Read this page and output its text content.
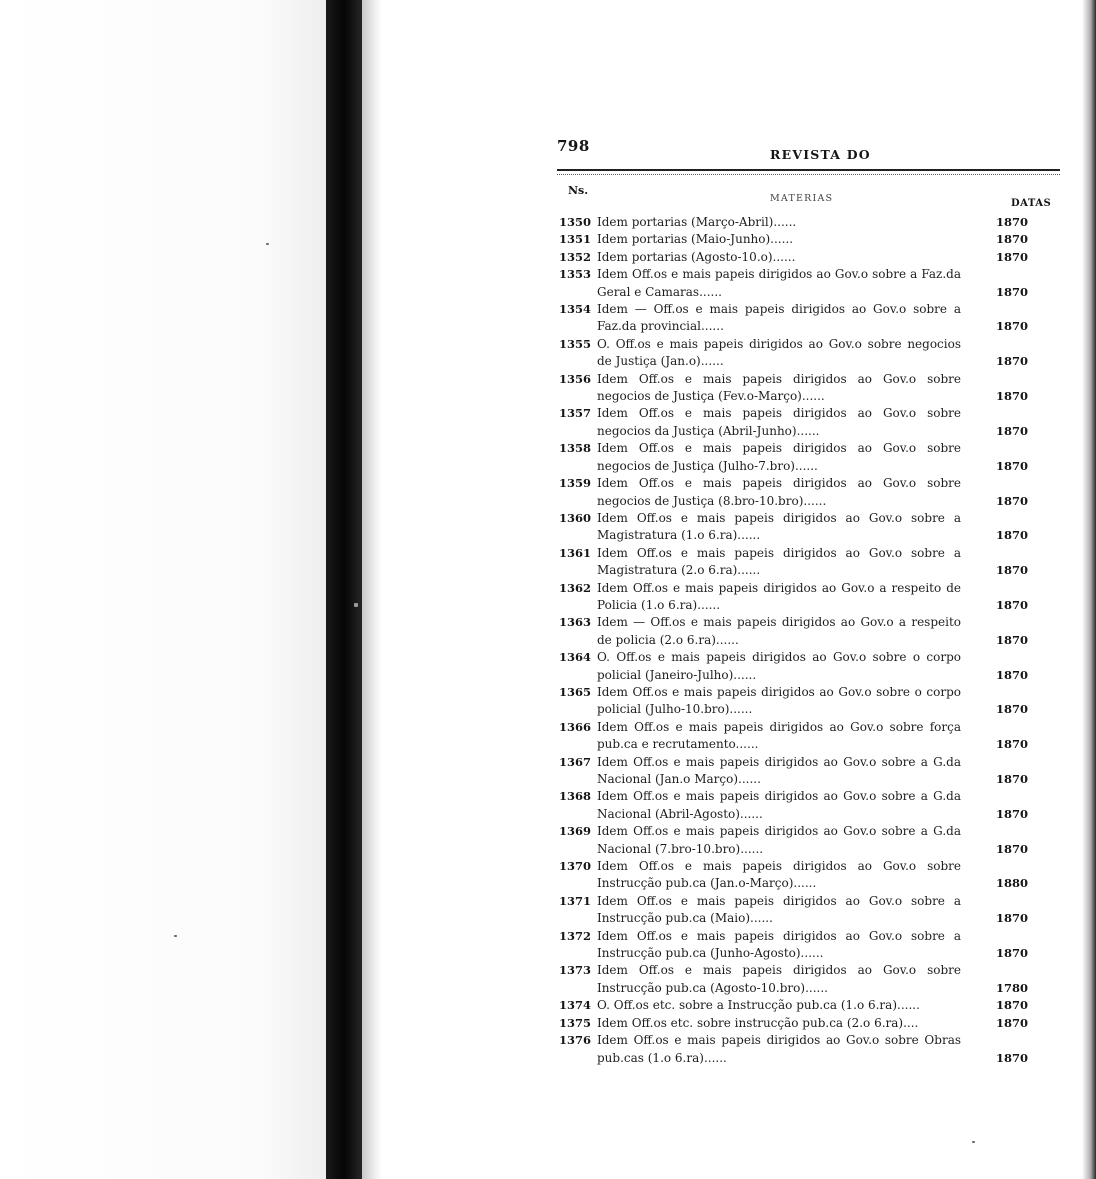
798	REVISTA DO
Ns.
MATERIAS	DATAS
1350 Idem portarias (Março-Abril)......	1870
1351 Idem portarias (Maio-Junho)......	1870
1352 Idem portarias (Agosto-10.o)......	1870
1353 Idem Off.os e mais papeis dirigidos ao Gov.o sobre a Faz.da Geral e Camaras......	1870
1354 Idem — Off.os e mais papeis dirigidos ao Gov.o sobre a Faz.da provincial......	1870
1355 O. Off.os e mais papeis dirigidos ao Gov.o sobre negocios de Justiça (Jan.o)......	1870
1356 Idem Off.os e mais papeis dirigidos ao Gov.o sobre negocios de Justiça (Fev.o-Março)......	1870
1357 Idem Off.os e mais papeis dirigidos ao Gov.o sobre negocios da Justiça (Abril-Junho)......	1870
1358 Idem Off.os e mais papeis dirigidos ao Gov.o sobre negocios de Justiça (Julho-7.bro)......	1870
1359 Idem Off.os e mais papeis dirigidos ao Gov.o sobre negocios de Justiça (8.bro-10.bro)......	1870
1360 Idem Off.os e mais papeis dirigidos ao Gov.o sobre a Magistratura (1.o 6.ra)......	1870
1361 Idem Off.os e mais papeis dirigidos ao Gov.o sobre a Magistratura (2.o 6.ra)......	1870
1362 Idem Off.os e mais papeis dirigidos ao Gov.o a respeito de Policia (1.o 6.ra)......	1870
1363 Idem — Off.os e mais papeis dirigidos ao Gov.o a respeito de policia (2.o 6.ra)......	1870
1364 O. Off.os e mais papeis dirigidos ao Gov.o sobre o corpo policial (Janeiro-Julho)......	1870
1365 Idem Off.os e mais papeis dirigidos ao Gov.o sobre o corpo policial (Julho-10.bro)......	1870
1366 Idem Off.os e mais papeis dirigidos ao Gov.o sobre força pub.ca e recrutamento......	1870
1367 Idem Off.os e mais papeis dirigidos ao Gov.o sobre a G.da Nacional (Jan.o Março)......	1870
1368 Idem Off.os e mais papeis dirigidos ao Gov.o sobre a G.da Nacional (Abril-Agosto)......	1870
1369 Idem Off.os e mais papeis dirigidos ao Gov.o sobre a G.da Nacional (7.bro-10.bro)......	1870
1370 Idem Off.os e mais papeis dirigidos ao Gov.o sobre Instrucção pub.ca (Jan.o-Março)......	1880
1371 Idem Off.os e mais papeis dirigidos ao Gov.o sobre a Instrucção pub.ca (Maio)......	1870
1372 Idem Off.os e mais papeis dirigidos ao Gov.o sobre a Instrucção pub.ca (Junho-Agosto)......	1870
1373 Idem Off.os e mais papeis dirigidos ao Gov.o sobre Instrucção pub.ca (Agosto-10.bro)......	1780
1374 O. Off.os etc. sobre a Instrucção pub.ca (1.o 6.ra)......	1870
1375 Idem Off.os etc. sobre instrucção pub.ca (2.o 6.ra)....	1870
1376 Idem Off.os e mais papeis dirigidos ao Gov.o sobre Obras pub.cas (1.o 6.ra)......	1870
